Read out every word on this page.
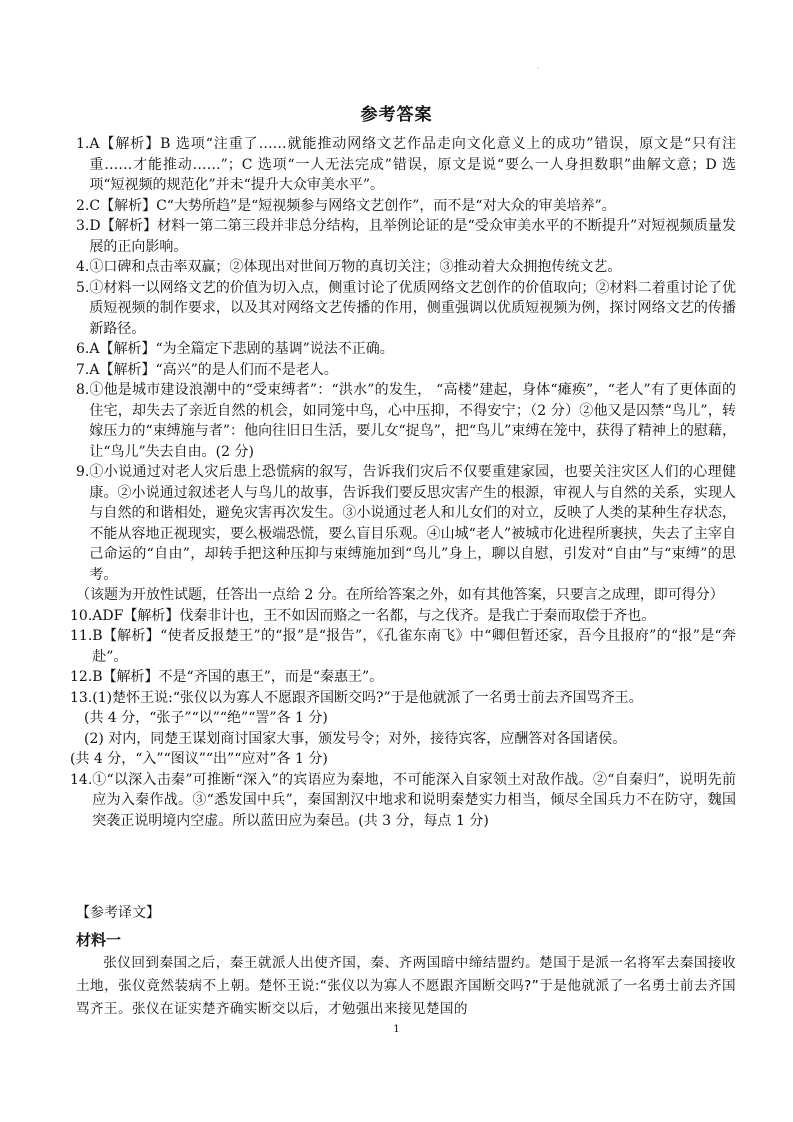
·
参考答案
1. A【解析】B 选项“注重了……就能推动网络文艺作品走向文化意义上的成功”错误，原文是“只有注重……才能推动……”；C 选项“一人无法完成”错误，原文是说“要么一人身担数职”曲解文意；D 选项“短视频的规范化”并未“提升大众审美水平”。
2. C【解析】C“大势所趋”是“短视频参与网络文艺创作”，而不是“对大众的审美培养”。
3. D【解析】材料一第二第三段并非总分结构，且举例论证的是“受众审美水平的不断提升”对短视频质量发展的正向影响。
4. ①口碑和点击率双赢；②体现出对世间万物的真切关注；③推动着大众拥抱传统文艺。
5. ①材料一以网络文艺的价值为切入点，侧重讨论了优质网络文艺创作的价值取向；②材料二着重讨论了优质短视频的制作要求，以及其对网络文艺传播的作用，侧重强调以优质短视频为例，探讨网络文艺的传播新路径。
6. A【解析】“为全篇定下悲剧的基调”说法不正确。
7. A【解析】“高兴”的是人们而不是老人。
8. ①他是城市建设浪潮中的“受束缚者”：“洪水”的发生， “高楼”建起，身体“瘫痪”，“老人”有了更体面的住宅，却失去了亲近自然的机会，如同笼中鸟，心中压抑，不得安宁；（2 分）②他又是囚禁“鸟儿”，转嫁压力的“束缚施与者”：他向往旧日生活，要儿女“捉鸟”，把“鸟儿”束缚在笼中，获得了精神上的慰藉，让“鸟儿”失去自由。(2 分)
9. ①小说通过对老人灾后患上恐慌病的叙写，告诉我们灾后不仅要重建家园，也要关注灾区人们的心理健康。②小说通过叙述老人与鸟儿的故事，告诉我们要反思灾害产生的根源，审视人与自然的关系，实现人与自然的和谐相处，避免灾害再次发生。③小说通过老人和儿女们的对立，反映了人类的某种生存状态，不能从容地正视现实，要么极端恐慌，要么盲目乐观。④山城“老人”被城市化进程所裹挟，失去了主宰自己命运的“自由”，却转手把这种压抑与束缚施加到“鸟儿”身上，聊以自慰，引发对“自由”与“束缚”的思考。
（该题为开放性试题，任答出一点给 2 分。在所给答案之外，如有其他答案，只要言之成理，即可得分）
10. ADF【解析】伐秦非计也，王不如因而赂之一名都，与之伐齐。是我亡于秦而取偿于齐也。
11. B【解析】“使者反报楚王”的“报”是“报告”，《孔雀东南飞》中“卿但暂还家，吾今且报府”的“报”是“奔赴”。
12. B【解析】不是“齐国的惠王”，而是“秦惠王”。
13. (1)楚怀王说:“张仪以为寡人不愿跟齐国断交吗?”于是他就派了一名勇士前去齐国骂齐王。
(共 4 分，“张子”“以”“绝”“詈”各 1 分)
(2) 对内，同楚王谋划商讨国家大事，颁发号令；对外，接待宾客，应酬答对各国诸侯。
(共 4 分，“入”“图议”“出”“应对”各 1 分)
14. ①“以深入击秦”可推断“深入”的宾语应为秦地，不可能深入自家领土对敌作战。②“自秦归”，说明先前应为入秦作战。③“悉发国中兵”，秦国割汉中地求和说明秦楚实力相当，倾尽全国兵力不在防守，魏国突袭正说明境内空虚。所以蓝田应为秦邑。(共 3 分，每点 1 分)
【参考译文】
材料一
张仪回到秦国之后，秦王就派人出使齐国，秦、齐两国暗中缔结盟约。楚国于是派一名将军去秦国接收土地，张仪竟然装病不上朝。楚怀王说:“张仪以为寡人不愿跟齐国断交吗?”于是他就派了一名勇士前去齐国骂齐王。张仪在证实楚齐确实断交以后，才勉强出来接见楚国的
1
